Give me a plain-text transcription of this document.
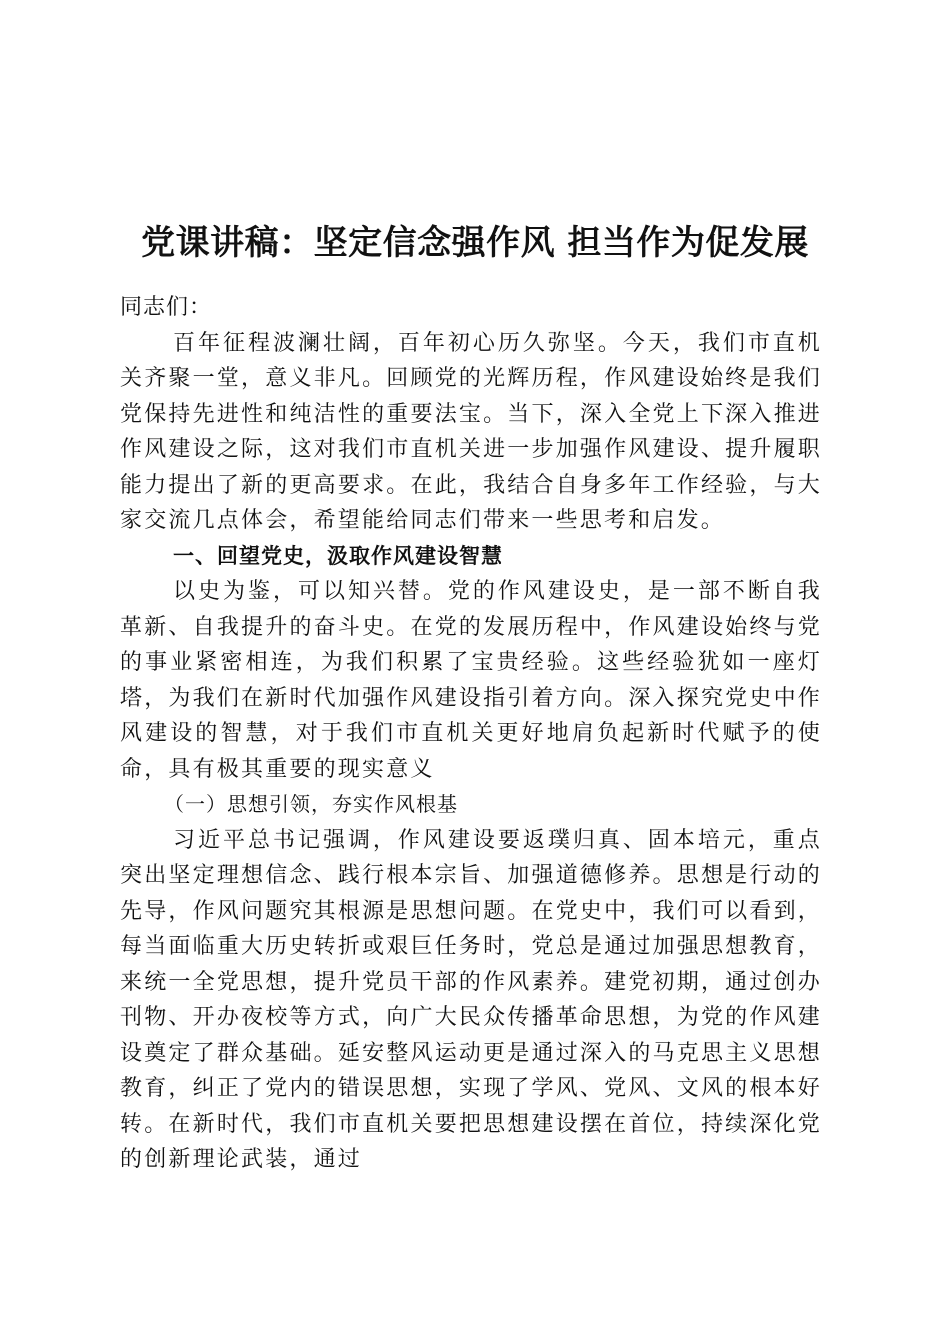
党课讲稿：坚定信念强作风 担当作为促发展

同志们：

百年征程波澜壮阔，百年初心历久弥坚。今天，我们市直机关齐聚一堂，意义非凡。回顾党的光辉历程，作风建设始终是我们党保持先进性和纯洁性的重要法宝。当下，深入全党上下深入推进作风建设之际，这对我们市直机关进一步加强作风建设、提升履职能力提出了新的更高要求。在此，我结合自身多年工作经验，与大家交流几点体会，希望能给同志们带来一些思考和启发。

一、回望党史，汲取作风建设智慧

以史为鉴，可以知兴替。党的作风建设史，是一部不断自我革新、自我提升的奋斗史。在党的发展历程中，作风建设始终与党的事业紧密相连，为我们积累了宝贵经验。这些经验犹如一座灯塔，为我们在新时代加强作风建设指引着方向。深入探究党史中作风建设的智慧，对于我们市直机关更好地肩负起新时代赋予的使命，具有极其重要的现实意义

（一）思想引领，夯实作风根基

习近平总书记强调，作风建设要返璞归真、固本培元，重点突出坚定理想信念、践行根本宗旨、加强道德修养。思想是行动的先导，作风问题究其根源是思想问题。在党史中，我们可以看到，每当面临重大历史转折或艰巨任务时，党总是通过加强思想教育，来统一全党思想，提升党员干部的作风素养。建党初期，通过创办刊物、开办夜校等方式，向广大民众传播革命思想，为党的作风建设奠定了群众基础。延安整风运动更是通过深入的马克思主义思想教育，纠正了党内的错误思想，实现了学风、党风、文风的根本好转。在新时代，我们市直机关要把思想建设摆在首位，持续深化党的创新理论武装，通过
